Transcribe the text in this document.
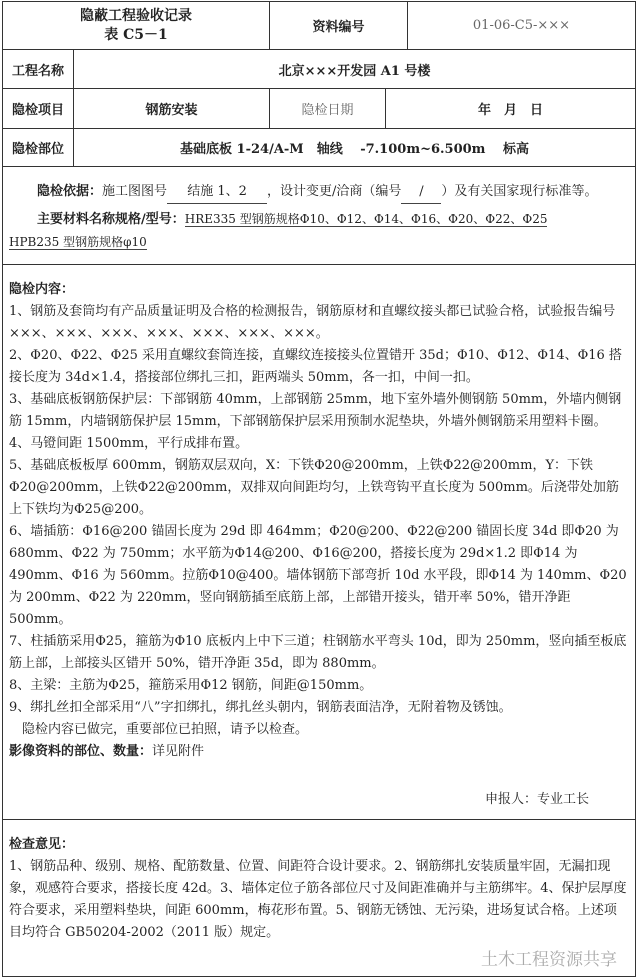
隐蔽工程验收记录
表 C5－1	资料编号	01-06-C5-×××
工程名称	北京×××开发园 A1 号楼
隐检项目	钢筋安装	隐检日期	年　月　日
隐检部位	基础底板 1-24/A-M　轴线　 -7.100m~6.500m　 标高
隐检依据：施工图图号 结施 1、2 ，设计变更/洽商（编号 / ）及有关国家现行标准等。
主要材料名称规格/型号：HRE335 型钢筋规格Φ10、Φ12、Φ14、Φ16、Φ20、Φ22、Φ25
HPB235 型钢筋规格φ10
隐检内容：
1、钢筋及套筒均有产品质量证明及合格的检测报告，钢筋原材和直螺纹接头都已试验合格，试验报告编号×××、×××、×××、×××、×××、×××、×××。
2、Φ20、Φ22、Φ25 采用直螺纹套筒连接，直螺纹连接接头位置错开 35d；Φ10、Φ12、Φ14、Φ16 搭接长度为 34d×1.4，搭接部位绑扎三扣，距两端头 50mm，各一扣，中间一扣。
3、基础底板钢筋保护层：下部钢筋 40mm，上部钢筋 25mm，地下室外墙外侧钢筋 50mm，外墙内侧钢筋 15mm，内墙钢筋保护层 15mm，下部钢筋保护层采用预制水泥垫块，外墙外侧钢筋采用塑料卡圈。
4、马镫间距 1500mm，平行成排布置。
5、基础底板板厚 600mm，钢筋双层双向，X：下铁Φ20@200mm，上铁Φ22@200mm，Y：下铁Φ20@200mm，上铁Φ22@200mm，双排双向间距均匀，上铁弯钩平直长度为 500mm。后浇带处加筋上下铁均为Φ25@200。
6、墙插筋：Φ16@200 锚固长度为 29d 即 464mm；Φ20@200、Φ22@200 锚固长度 34d 即Φ20 为 680mm、Φ22 为 750mm；水平筋为Φ14@200、Φ16@200，搭接长度为 29d×1.2 即Φ14 为 490mm、Φ16 为 560mm。拉筋Φ10@400。墙体钢筋下部弯折 10d 水平段，即Φ14 为 140mm、Φ20 为 200mm、Φ22 为 220mm，竖向钢筋插至底筋上部，上部错开接头，错开率 50%，错开净距 500mm。
7、柱插筋采用Φ25，箍筋为Φ10 底板内上中下三道；柱钢筋水平弯头 10d，即为 250mm，竖向插至板底筋上部，上部接头区错开 50%，错开净距 35d，即为 880mm。
8、主梁：主筋为Φ25，箍筋采用Φ12 钢筋，间距@150mm。
9、绑扎丝扣全部采用“八”字扣绑扎，绑扎丝头朝内，钢筋表面洁净，无附着物及锈蚀。
隐检内容已做完，重要部位已拍照，请予以检查。
影像资料的部位、数量：详见附件
申报人：专业工长
检查意见：
1、钢筋品种、级别、规格、配筋数量、位置、间距符合设计要求。2、钢筋绑扎安装质量牢固，无漏扣现象，观感符合要求，搭接长度 42d。3、墙体定位子筋各部位尺寸及间距准确并与主筋绑牢。4、保护层厚度符合要求，采用塑料垫块，间距 600mm，梅花形布置。5、钢筋无锈蚀、无污染，进场复试合格。上述项目均符合 GB50204-2002（2011 版）规定。
土木工程资源共享
